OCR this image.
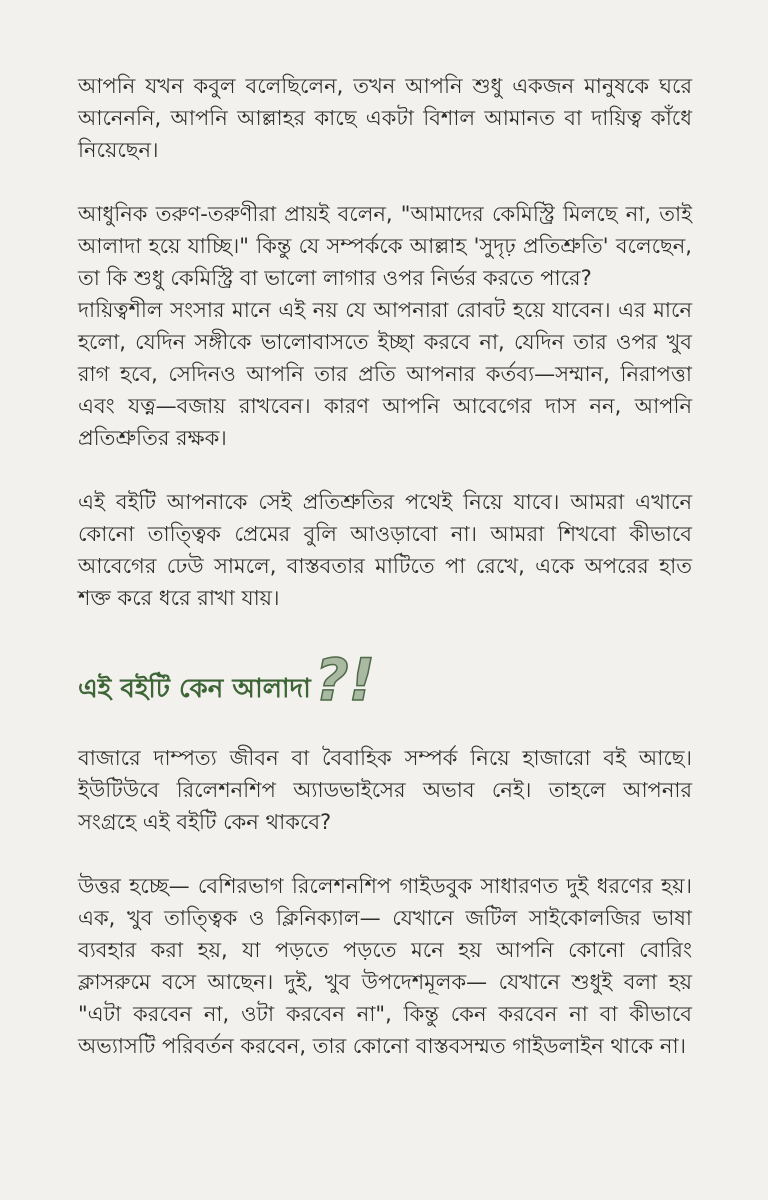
আপনি যখন কবুল বলেছিলেন, তখন আপনি শুধু একজন মানুষকে ঘরে আনেননি, আপনি আল্লাহর কাছে একটা বিশাল আমানত বা দায়িত্ব কাঁধে নিয়েছেন।

আধুনিক তরুণ-তরুণীরা প্রায়ই বলেন, "আমাদের কেমিস্ট্রি মিলছে না, তাই আলাদা হয়ে যাচ্ছি।" কিন্তু যে সম্পর্ককে আল্লাহ 'সুদৃঢ় প্রতিশ্রুতি' বলেছেন, তা কি শুধু কেমিস্ট্রি বা ভালো লাগার ওপর নির্ভর করতে পারে?

দায়িত্বশীল সংসার মানে এই নয় যে আপনারা রোবট হয়ে যাবেন। এর মানে হলো, যেদিন সঙ্গীকে ভালোবাসতে ইচ্ছা করবে না, যেদিন তার ওপর খুব রাগ হবে, সেদিনও আপনি তার প্রতি আপনার কর্তব্য—সম্মান, নিরাপত্তা এবং যত্ন—বজায় রাখবেন। কারণ আপনি আবেগের দাস নন, আপনি প্রতিশ্রুতির রক্ষক।

এই বইটি আপনাকে সেই প্রতিশ্রুতির পথেই নিয়ে যাবে। আমরা এখানে কোনো তাত্ত্বিক প্রেমের বুলি আওড়াবো না। আমরা শিখবো কীভাবে আবেগের ঢেউ সামলে, বাস্তবতার মাটিতে পা রেখে, একে অপরের হাত শক্ত করে ধরে রাখা যায়।

এই বইটি কেন আলাদা ?!

বাজারে দাম্পত্য জীবন বা বৈবাহিক সম্পর্ক নিয়ে হাজারো বই আছে। ইউটিউবে রিলেশনশিপ অ্যাডভাইসের অভাব নেই। তাহলে আপনার সংগ্রহে এই বইটি কেন থাকবে?

উত্তর হচ্ছে— বেশিরভাগ রিলেশনশিপ গাইডবুক সাধারণত দুই ধরণের হয়। এক, খুব তাত্ত্বিক ও ক্লিনিক্যাল— যেখানে জটিল সাইকোলজির ভাষা ব্যবহার করা হয়, যা পড়তে পড়তে মনে হয় আপনি কোনো বোরিং ক্লাসরুমে বসে আছেন। দুই, খুব উপদেশমূলক— যেখানে শুধুই বলা হয় "এটা করবেন না, ওটা করবেন না", কিন্তু কেন করবেন না বা কীভাবে অভ্যাসটি পরিবর্তন করবেন, তার কোনো বাস্তবসম্মত গাইডলাইন থাকে না।
